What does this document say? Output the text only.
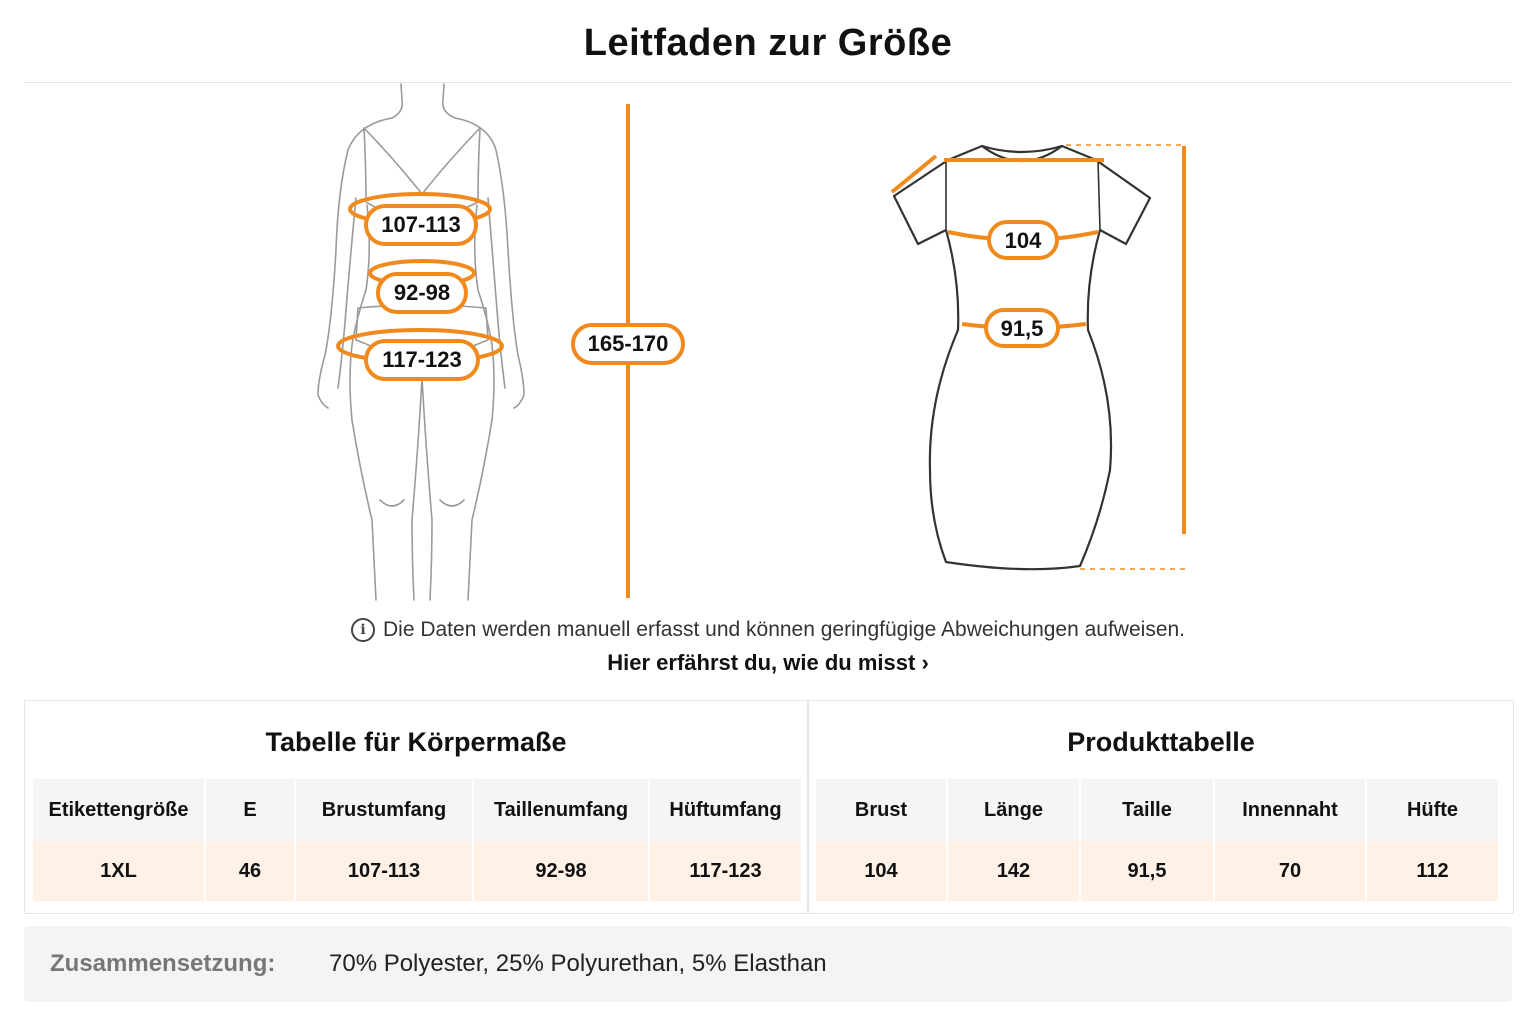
Leitfaden zur Größe
107-113
92-98
117-123
165-170
104
91,5
i Die Daten werden manuell erfasst und können geringfügige Abweichungen aufweisen.
Hier erfährst du, wie du misst ›
Tabelle für Körpermaße
Etikettengröße	E	Brustumfang	Taillenumfang	Hüftumfang
1XL	46	107-113	92-98	117-123
Produkttabelle
Brust	Länge	Taille	Innennaht	Hüfte
104	142	91,5	70	112
Zusammensetzung: 70% Polyester, 25% Polyurethan, 5% Elasthan
